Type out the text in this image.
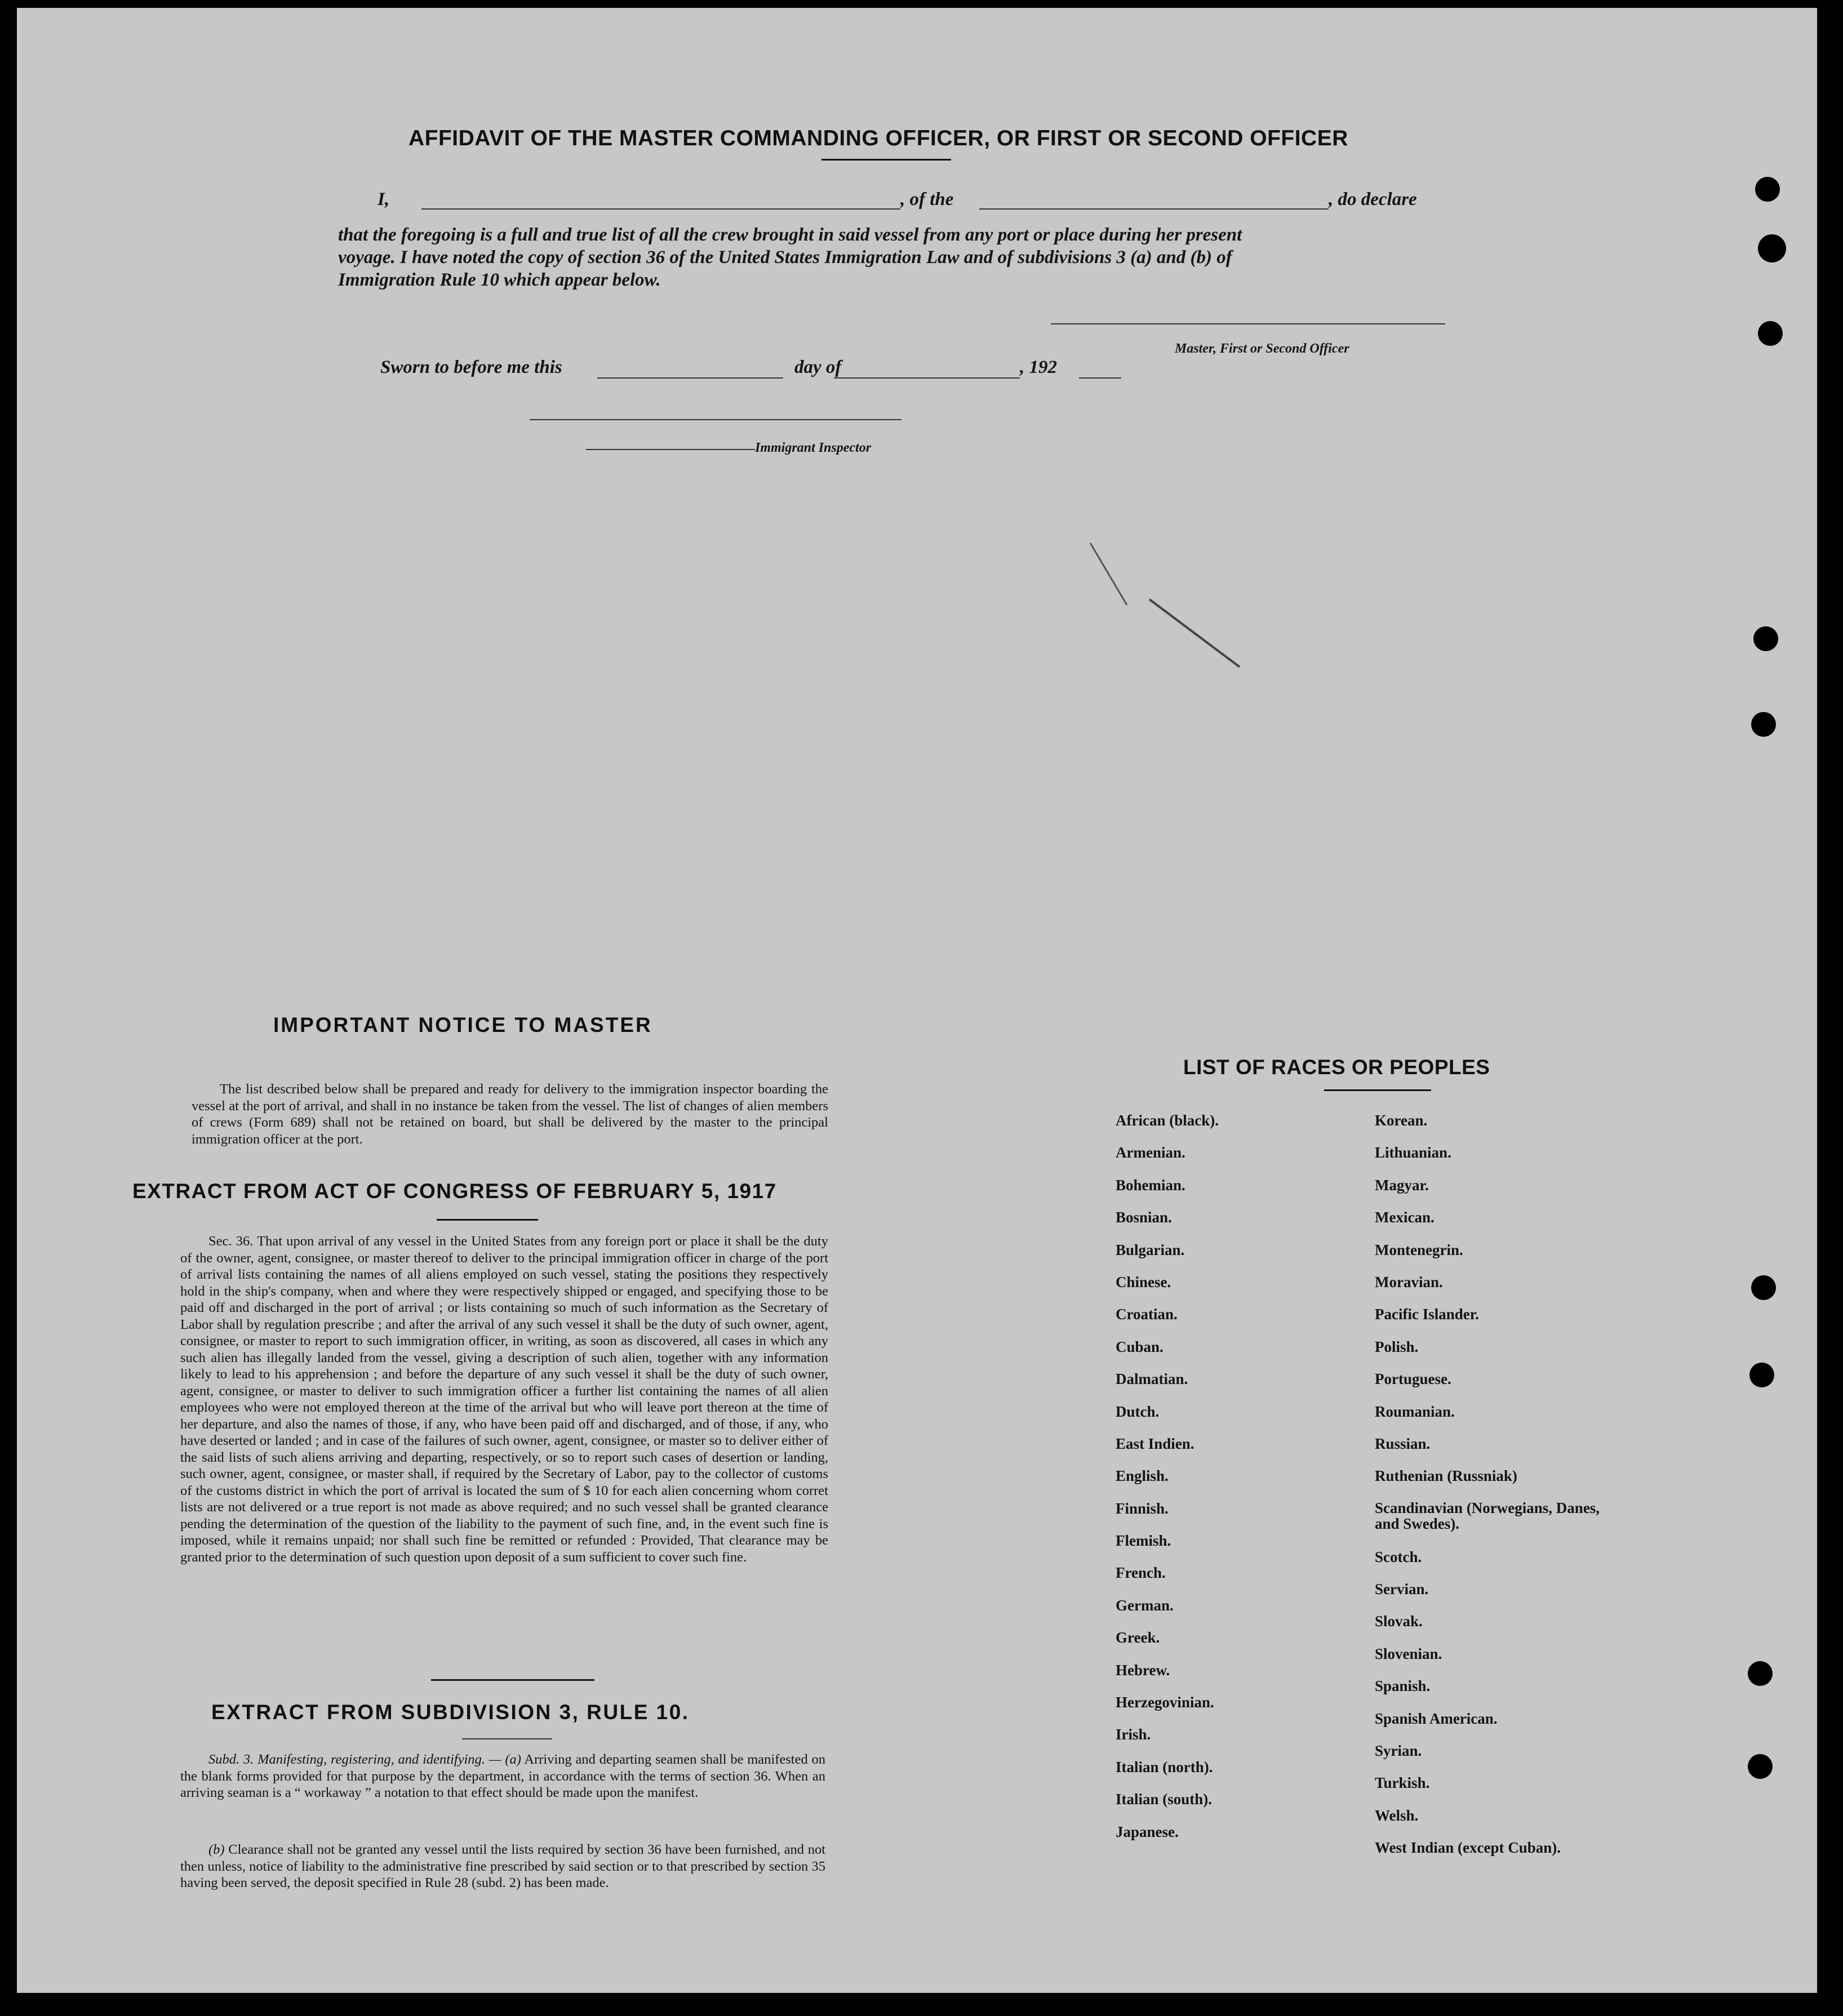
AFFIDAVIT OF THE MASTER COMMANDING OFFICER, OR FIRST OR SECOND OFFICER
I,	, of the	, do declare
that the foregoing is a full and true list of all the crew brought in said vessel from any port or place during her present
voyage. I have noted the copy of section 36 of the United States Immigration Law and of subdivisions 3 (a) and (b) of
Immigration Rule 10 which appear below.
Master, First or Second Officer
Sworn to before me this	day of	, 192
Immigrant Inspector
IMPORTANT NOTICE TO MASTER
The list described below shall be prepared and ready for delivery to the immigration inspector boarding the vessel at the port of arrival, and shall in no instance be taken from the vessel. The list of changes of alien members of crews (Form 689) shall not be retained on board, but shall be delivered by the master to the principal immigration officer at the port.
EXTRACT FROM ACT OF CONGRESS OF FEBRUARY 5, 1917
Sec. 36. That upon arrival of any vessel in the United States from any foreign port or place it shall be the duty of the owner, agent, consignee, or master thereof to deliver to the principal immigration officer in charge of the port of arrival lists containing the names of all aliens employed on such vessel, stating the positions they respectively hold in the ship's company, when and where they were respectively shipped or engaged, and specifying those to be paid off and discharged in the port of arrival ; or lists containing so much of such information as the Secretary of Labor shall by regulation prescribe ; and after the arrival of any such vessel it shall be the duty of such owner, agent, consignee, or master to report to such immigration officer, in writing, as soon as discovered, all cases in which any such alien has illegally landed from the vessel, giving a description of such alien, together with any information likely to lead to his apprehension ; and before the departure of any such vessel it shall be the duty of such owner, agent, consignee, or master to deliver to such immigration officer a further list containing the names of all alien employees who were not employed thereon at the time of the arrival but who will leave port thereon at the time of her departure, and also the names of those, if any, who have been paid off and discharged, and of those, if any, who have deserted or landed ; and in case of the failures of such owner, agent, consignee, or master so to deliver either of the said lists of such aliens arriving and departing, respectively, or so to report such cases of desertion or landing, such owner, agent, consignee, or master shall, if required by the Secretary of Labor, pay to the collector of customs of the customs district in which the port of arrival is located the sum of $ 10 for each alien concerning whom corret lists are not delivered or a true report is not made as above required; and no such vessel shall be granted clearance pending the determination of the question of the liability to the payment of such fine, and, in the event such fine is imposed, while it remains unpaid; nor shall such fine be remitted or refunded : Provided, That clearance may be granted prior to the determination of such question upon deposit of a sum sufficient to cover such fine.
EXTRACT FROM SUBDIVISION 3, RULE 10.
Subd. 3. Manifesting, registering, and identifying. — (a) Arriving and departing seamen shall be manifested on the blank forms provided for that purpose by the department, in accordance with the terms of section 36. When an arriving seaman is a “ workaway ” a notation to that effect should be made upon the manifest.
(b) Clearance shall not be granted any vessel until the lists required by section 36 have been furnished, and not then unless, notice of liability to the administrative fine prescribed by said section or to that prescribed by section 35 having been served, the deposit specified in Rule 28 (subd. 2) has been made.
LIST OF RACES OR PEOPLES
African (black).
Armenian.
Bohemian.
Bosnian.
Bulgarian.
Chinese.
Croatian.
Cuban.
Dalmatian.
Dutch.
East Indien.
English.
Finnish.
Flemish.
French.
German.
Greek.
Hebrew.
Herzegovinian.
Irish.
Italian (north).
Italian (south).
Japanese.
Korean.
Lithuanian.
Magyar.
Mexican.
Montenegrin.
Moravian.
Pacific Islander.
Polish.
Portuguese.
Roumanian.
Russian.
Ruthenian (Russniak)
Scandinavian (Norwegians, Danes, and Swedes).
Scotch.
Servian.
Slovak.
Slovenian.
Spanish.
Spanish American.
Syrian.
Turkish.
Welsh.
West Indian (except Cuban).
